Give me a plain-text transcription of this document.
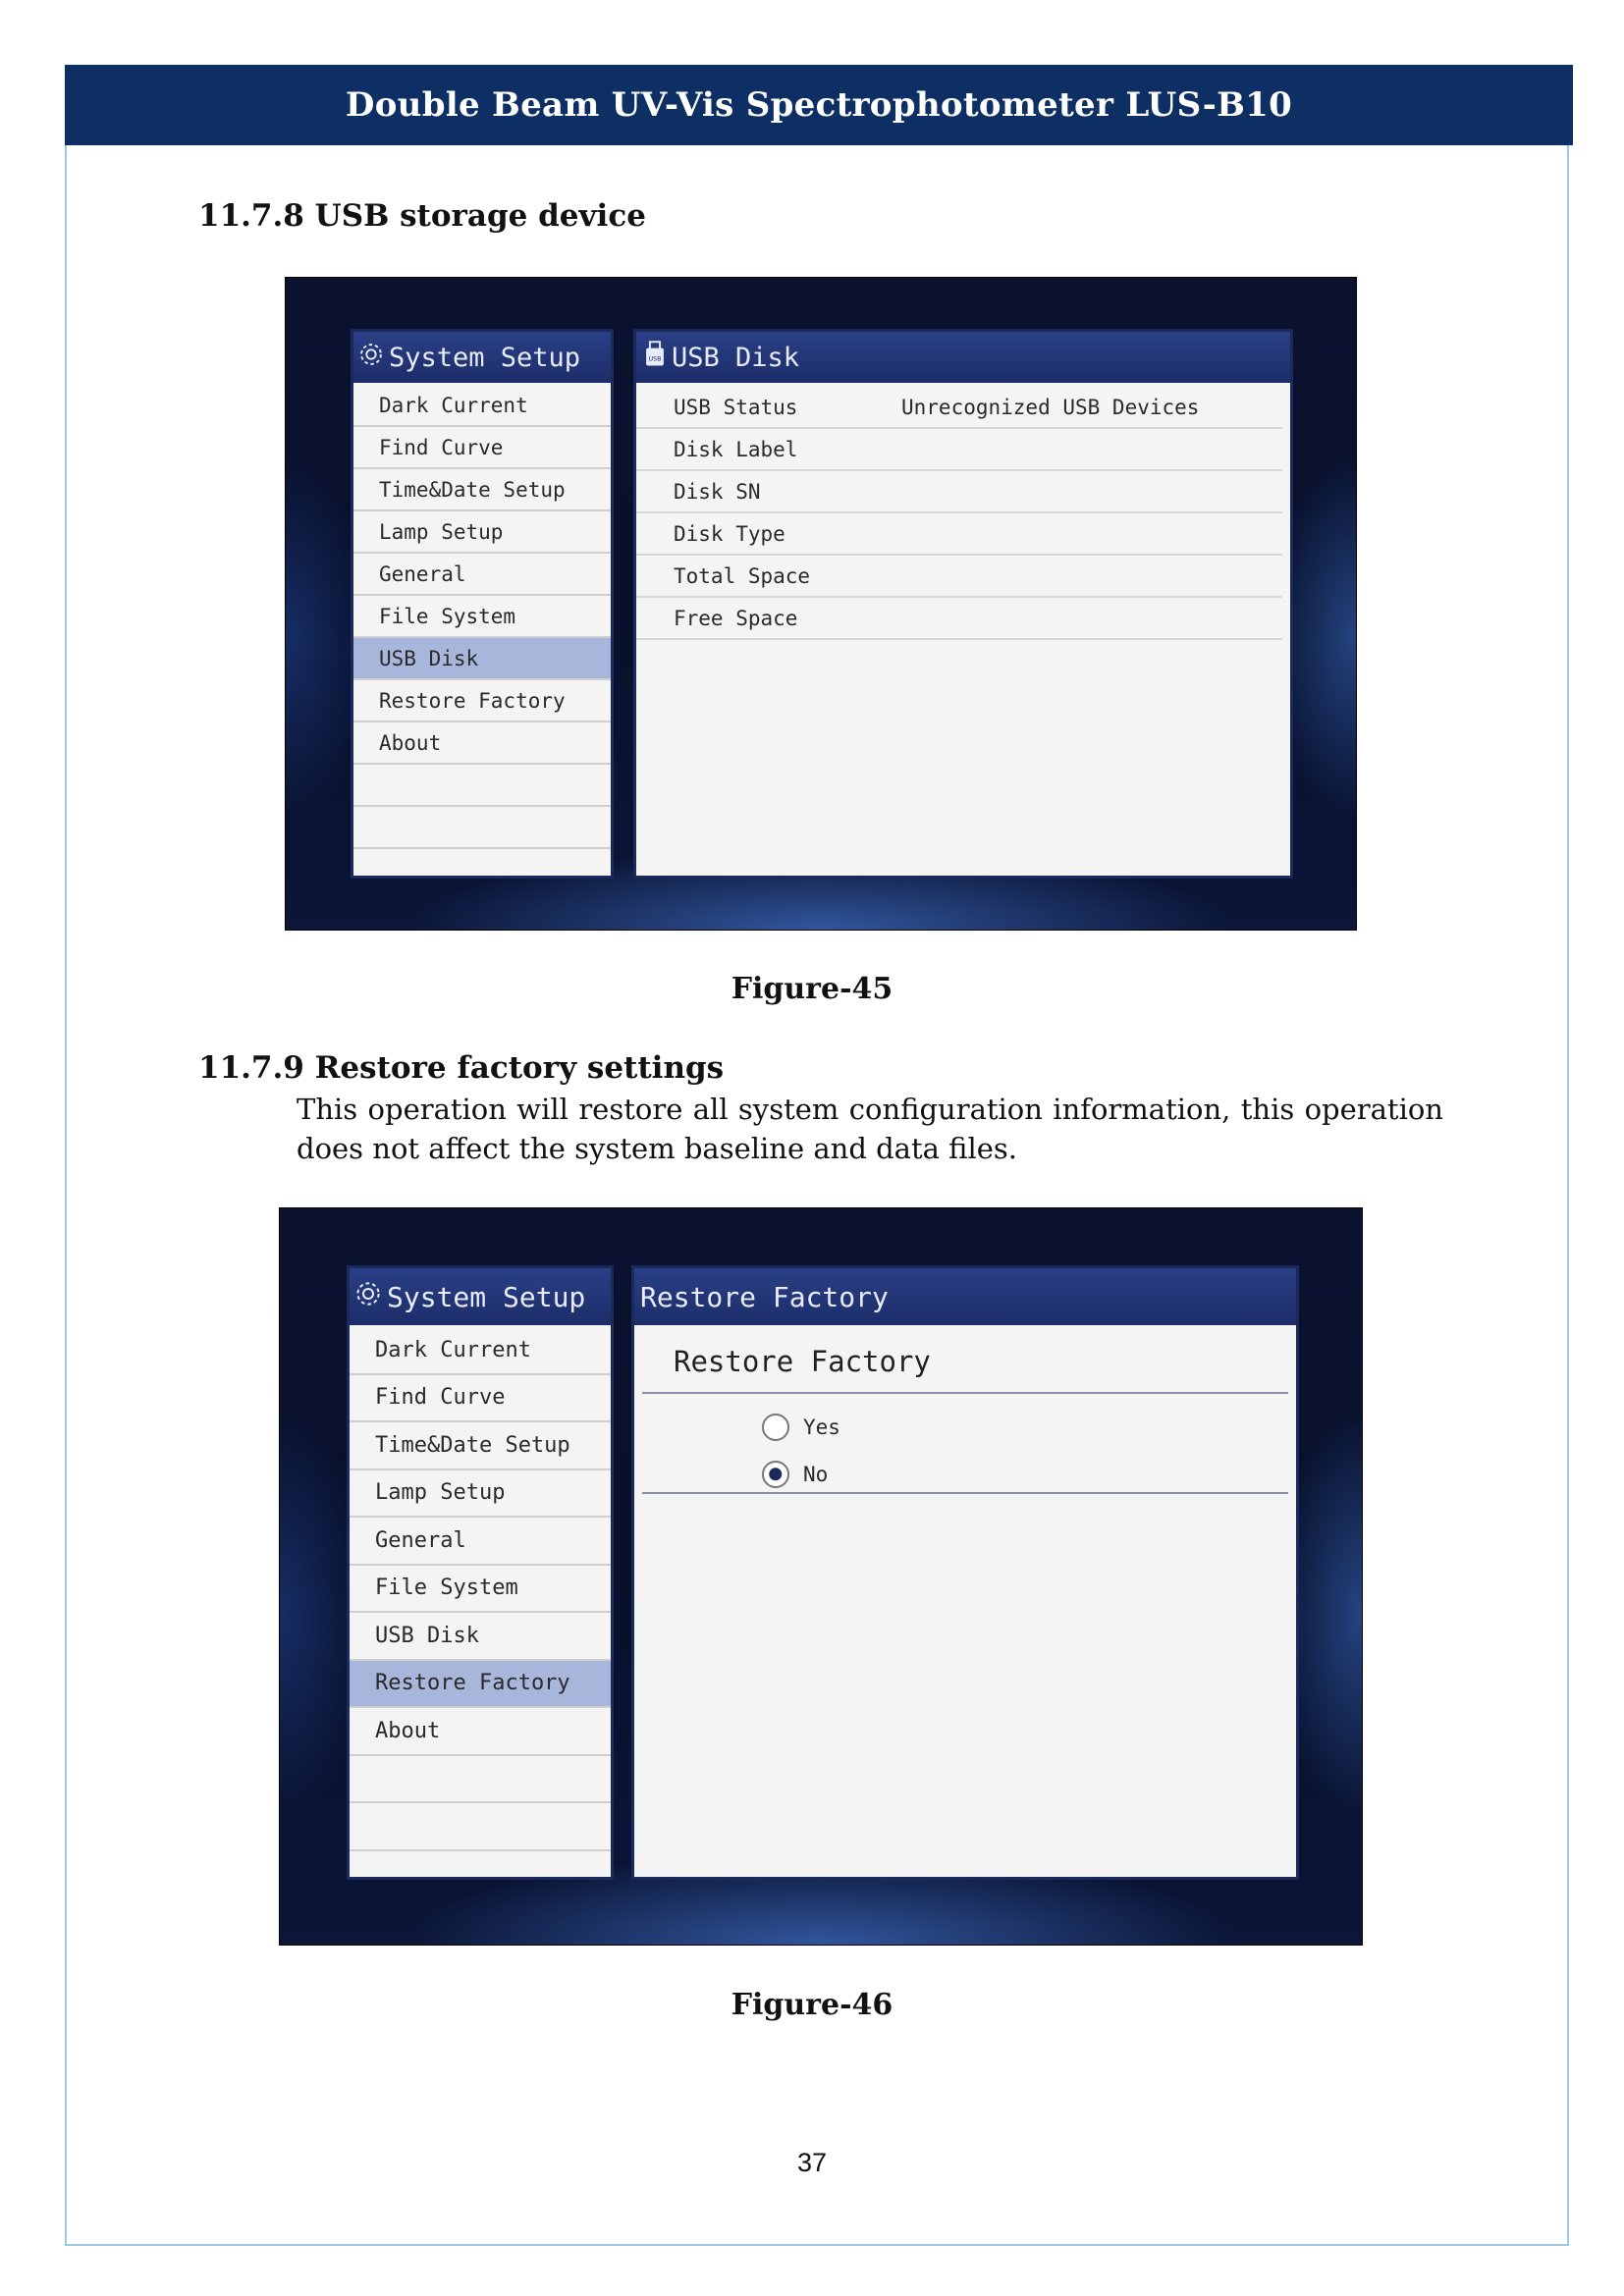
Double Beam UV-Vis Spectrophotometer LUS-B10
11.7.8 USB storage device
System Setup
Dark Current
Find Curve
Time&Date Setup
Lamp Setup
General
File System
USB Disk
Restore Factory
About
USB USB Disk
USB Status	Unrecognized USB Devices
Disk Label
Disk SN
Disk Type
Total Space
Free Space
Figure-45
11.7.9 Restore factory settings
This operation will restore all system configuration information, this operation does not affect the system baseline and data files.
System Setup
Dark Current
Find Curve
Time&Date Setup
Lamp Setup
General
File System
USB Disk
Restore Factory
About
Restore Factory
Restore Factory
Yes
No
Figure-46
37
